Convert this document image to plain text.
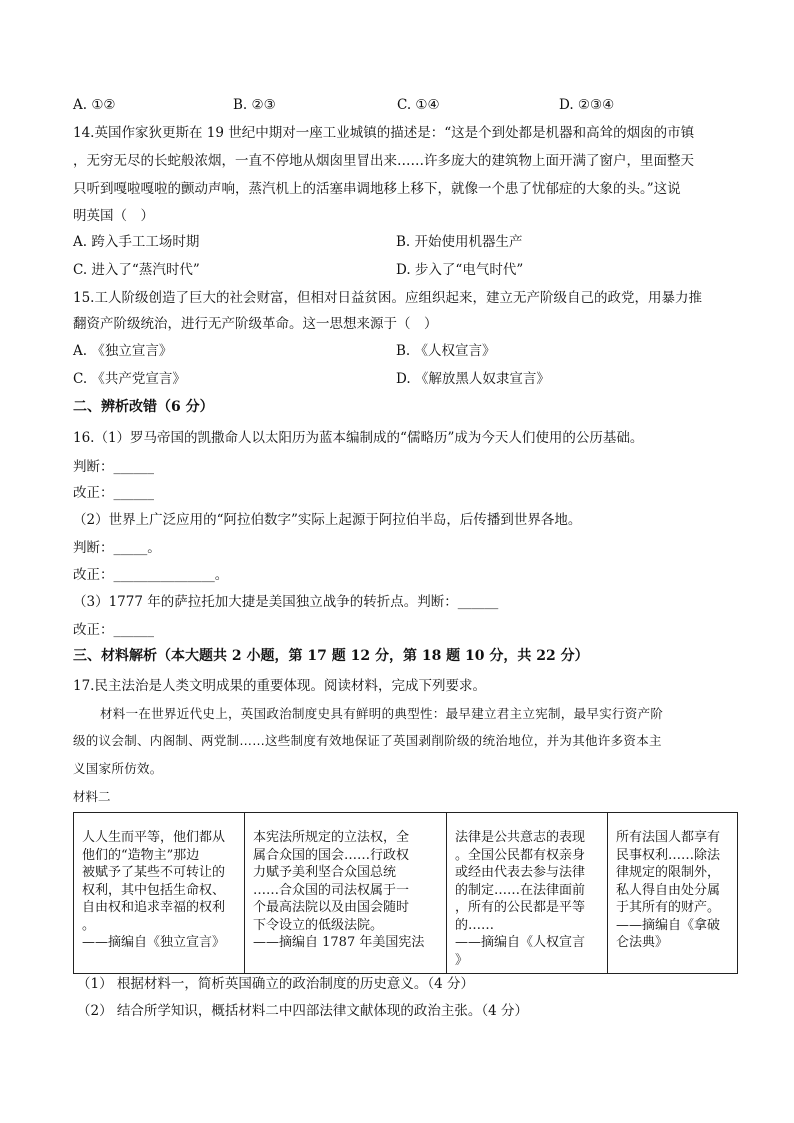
A. ①②	B. ②③	C. ①④	D. ②③④
14.英国作家狄更斯在 19 世纪中期对一座工业城镇的描述是：“这是个到处都是机器和高耸的烟囱的市镇
，无穷无尽的长蛇般浓烟，一直不停地从烟囱里冒出来……许多庞大的建筑物上面开满了窗户，里面整天
只听到嘎啦嘎啦的颤动声响，蒸汽机上的活塞串调地移上移下，就像一个患了忧郁症的大象的头。”这说
明英国（　）
A. 跨入手工工场时期	B. 开始使用机器生产
C. 进入了“蒸汽时代”	D. 步入了“电气时代”
15.工人阶级创造了巨大的社会财富，但相对日益贫困。应组织起来，建立无产阶级自己的政党，用暴力推
翻资产阶级统治，进行无产阶级革命。这一思想来源于（　）
A. 《独立宣言》	B. 《人权宣言》
C. 《共产党宣言》	D. 《解放黑人奴隶宣言》
二、辨析改错（6 分）
16.（1）罗马帝国的凯撒命人以太阳历为蓝本编制成的“儒略历”成为今天人们使用的公历基础。
判断：______
改正：______
（2）世界上广泛应用的“阿拉伯数字”实际上起源于阿拉伯半岛，后传播到世界各地。
判断：_____。
改正：_______________。
（3）1777 年的萨拉托加大捷是美国独立战争的转折点。判断：______
改正：______
三、材料解析（本大题共 2 小题，第 17 题 12 分，第 18 题 10 分，共 22 分）
17.民主法治是人类文明成果的重要体现。阅读材料，完成下列要求。
材料一在世界近代史上，英国政治制度史具有鲜明的典型性：最早建立君主立宪制，最早实行资产阶
级的议会制、内阁制、两党制……这些制度有效地保证了英国剥削阶级的统治地位，并为其他许多资本主
义国家所仿效。
材料二
人人生而平等，他们都从
他们的“造物主”那边
被赋予了某些不可转让的
权利，其中包括生命权、
自由权和追求幸福的权利
。
——摘编自《独立宣言》
	本宪法所规定的立法权，全
属合众国的国会……行政权
力赋予美利坚合众国总统
……合众国的司法权属于一
个最高法院以及由国会随时
下令设立的低级法院。
——摘编自 1787 年美国宪法
	法律是公共意志的表现
。全国公民都有权亲身
或经由代表去参与法律
的制定……在法律面前
，所有的公民都是平等
的……
——摘编自《人权宣言
》
	所有法国人都享有
民事权利……除法
律规定的限制外，
私人得自由处分属
于其所有的财产。
——摘编自《拿破
仑法典》
（1） 根据材料一，简析英国确立的政治制度的历史意义。（4 分）
（2） 结合所学知识，概括材料二中四部法律文献体现的政治主张。（4 分）
